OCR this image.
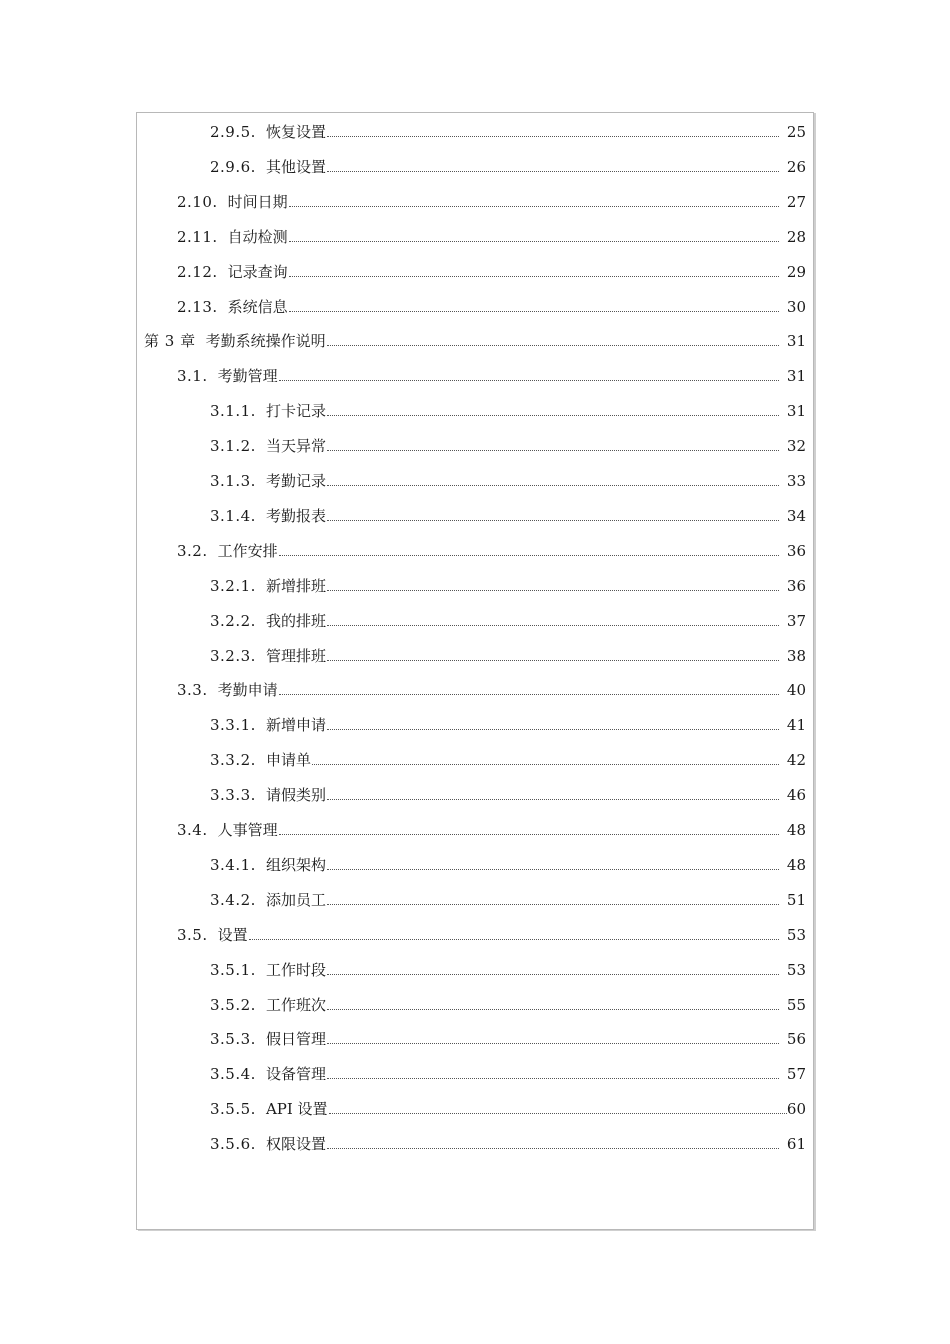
2.9.5. 恢复设置	25
2.9.6. 其他设置	26
2.10. 时间日期	27
2.11. 自动检测	28
2.12. 记录查询	29
2.13. 系统信息	30
第 3 章 考勤系统操作说明	31
3.1. 考勤管理	31
3.1.1. 打卡记录	31
3.1.2. 当天异常	32
3.1.3. 考勤记录	33
3.1.4. 考勤报表	34
3.2. 工作安排	36
3.2.1. 新增排班	36
3.2.2. 我的排班	37
3.2.3. 管理排班	38
3.3. 考勤申请	40
3.3.1. 新增申请	41
3.3.2. 申请单	42
3.3.3. 请假类别	46
3.4. 人事管理	48
3.4.1. 组织架构	48
3.4.2. 添加员工	51
3.5. 设置	53
3.5.1. 工作时段	53
3.5.2. 工作班次	55
3.5.3. 假日管理	56
3.5.4. 设备管理	57
3.5.5. API 设置	60
3.5.6. 权限设置	61
